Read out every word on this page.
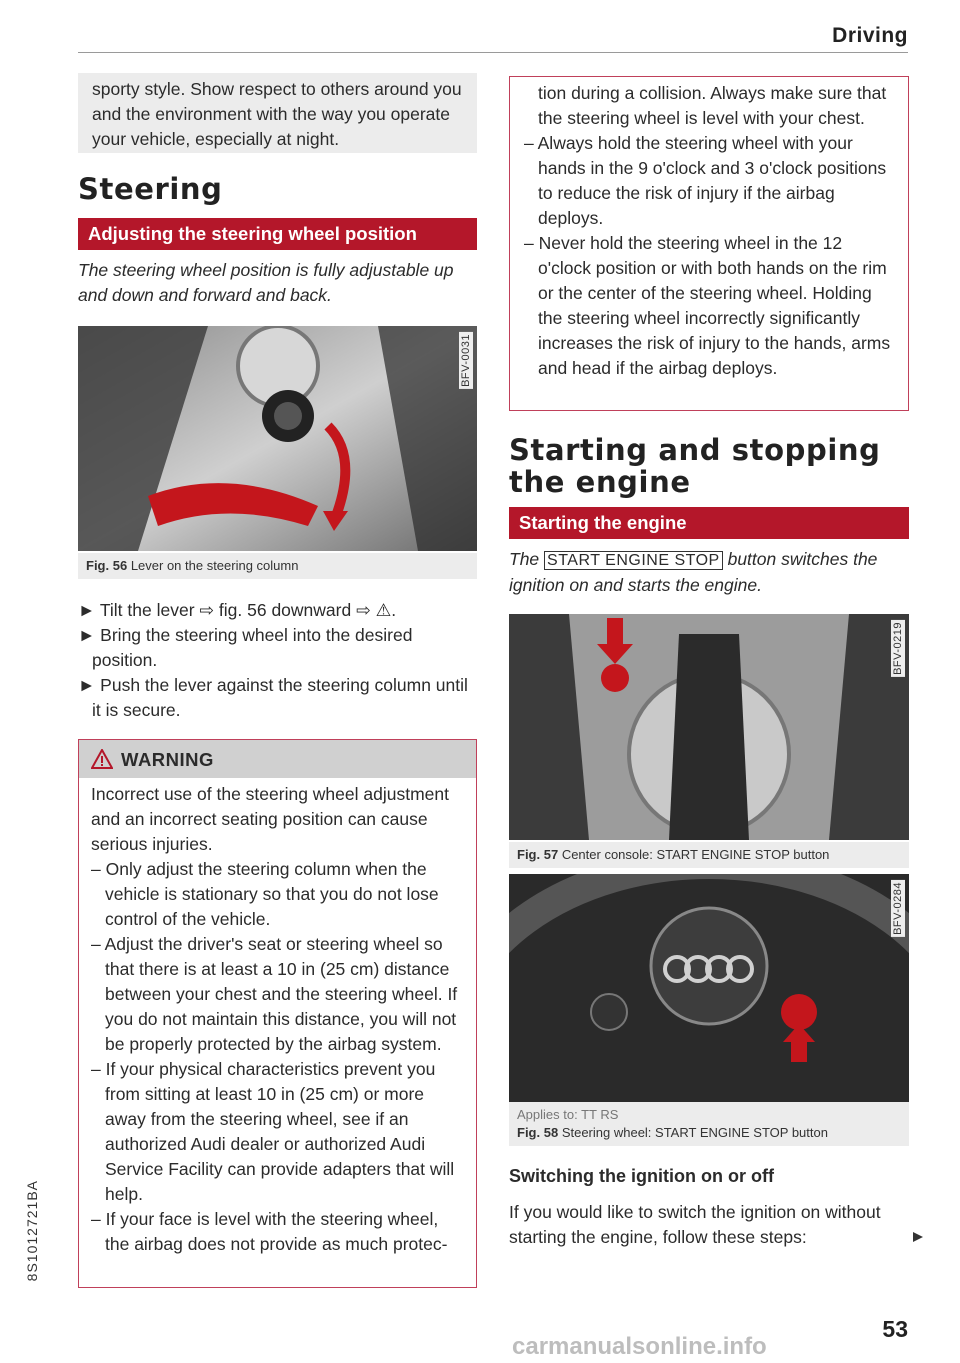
Driving

sporty style. Show respect to others around you and the environment with the way you operate your vehicle, especially at night.

Steering
Adjusting the steering wheel position
The steering wheel position is fully adjustable up and down and forward and back.
BFV-0031
Fig. 56 Lever on the steering column

► Tilt the lever ⇨ fig. 56 downward ⇨ ⚠.

► Bring the steering wheel into the desired position.

► Push the lever against the steering column until it is secure.

WARNING

Incorrect use of the steering wheel adjustment and an incorrect seating position can cause serious injuries.

– Only adjust the steering column when the vehicle is stationary so that you do not lose control of the vehicle.

– Adjust the driver's seat or steering wheel so that there is at least a 10 in (25 cm) distance between your chest and the steering wheel. If you do not maintain this distance, you will not be properly protected by the airbag system.

– If your physical characteristics prevent you from sitting at least 10 in (25 cm) or more away from the steering wheel, see if an authorized Audi dealer or authorized Audi Service Facility can provide adapters that will help.

– If your face is level with the steering wheel, the airbag does not provide as much protec-

tion during a collision. Always make sure that the steering wheel is level with your chest.

– Always hold the steering wheel with your hands in the 9 o'clock and 3 o'clock positions to reduce the risk of injury if the airbag deploys.

– Never hold the steering wheel in the 12 o'clock position or with both hands on the rim or the center of the steering wheel. Holding the steering wheel incorrectly significantly increases the risk of injury to the hands, arms and head if the airbag deploys.

Starting and stopping the engine
Starting the engine
The START ENGINE STOP button switches the ignition on and starts the engine.
BFV-0219
Fig. 57 Center console: START ENGINE STOP button
BFV-0284
Applies to: TT RS
Fig. 58 Steering wheel: START ENGINE STOP button
Switching the ignition on or off
If you would like to switch the ignition on without starting the engine, follow these steps:
53
8S1012721BA
carmanualsonline.info
